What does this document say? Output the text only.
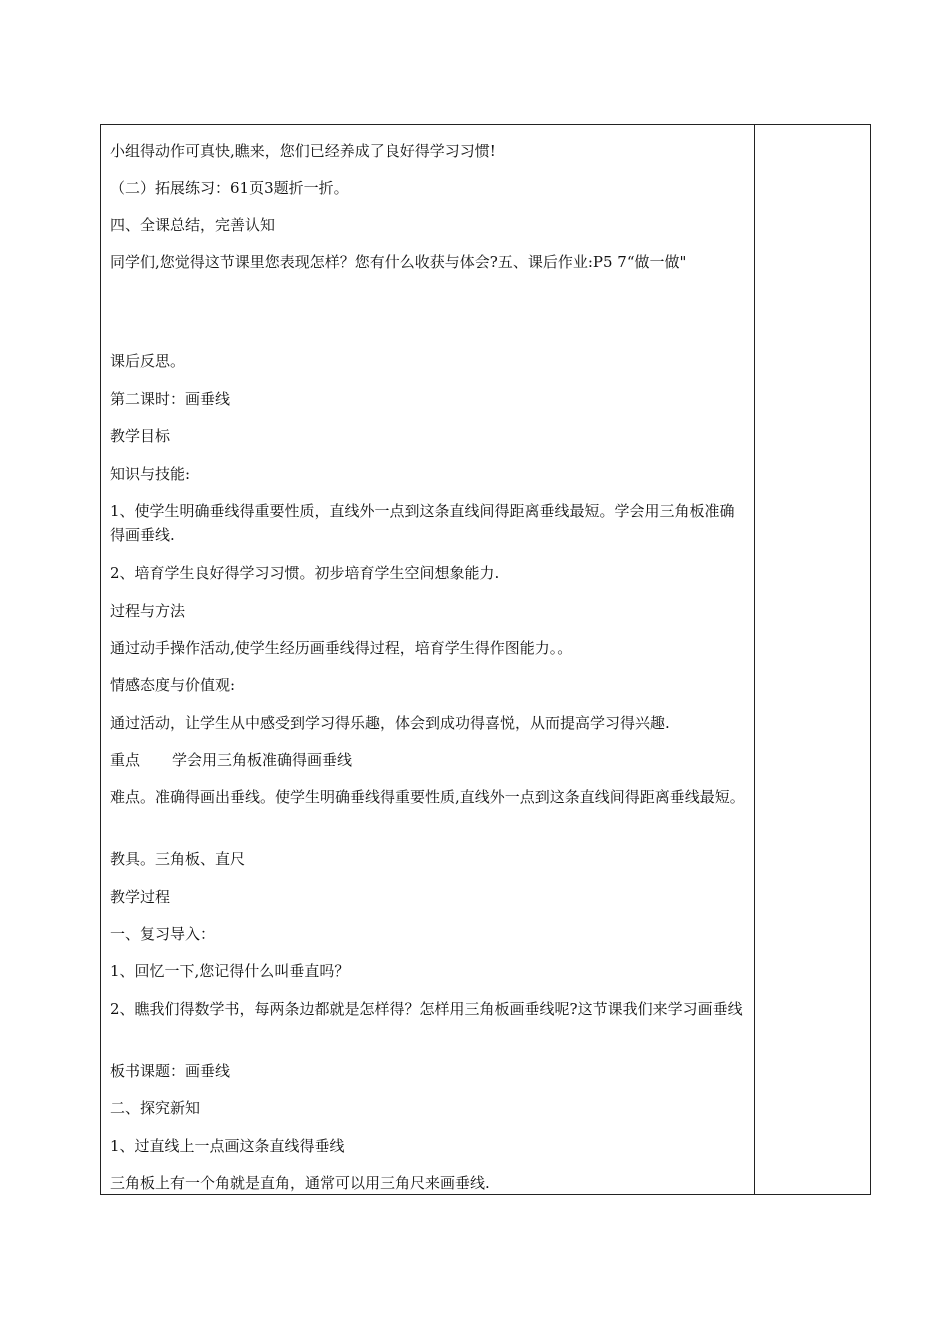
小组得动作可真快,瞧来，您们已经养成了良好得学习习惯!
（二）拓展练习：61页3题折一折。
四、全课总结，完善认知
同学们,您觉得这节课里您表现怎样？您有什么收获与体会?五、课后作业:P5 7“做一做"
课后反思。
第二课时：画垂线
教学目标
知识与技能:
1、使学生明确垂线得重要性质，直线外一点到这条直线间得距离垂线最短。学会用三角板准确得画垂线.
2、培育学生良好得学习习惯。初步培育学生空间想象能力.
过程与方法
通过动手操作活动,使学生经历画垂线得过程，培育学生得作图能力。。
情感态度与价值观:
通过活动，让学生从中感受到学习得乐趣，体会到成功得喜悦，从而提高学习得兴趣.
重点 学会用三角板准确得画垂线
难点。准确得画出垂线。使学生明确垂线得重要性质,直线外一点到这条直线间得距离垂线最短。
教具。三角板、直尺
教学过程
一、复习导入：
1、回忆一下,您记得什么叫垂直吗？
2、瞧我们得数学书，每两条边都就是怎样得？怎样用三角板画垂线呢?这节课我们来学习画垂线
板书课题：画垂线
二、探究新知
1、过直线上一点画这条直线得垂线
三角板上有一个角就是直角，通常可以用三角尺来画垂线.
